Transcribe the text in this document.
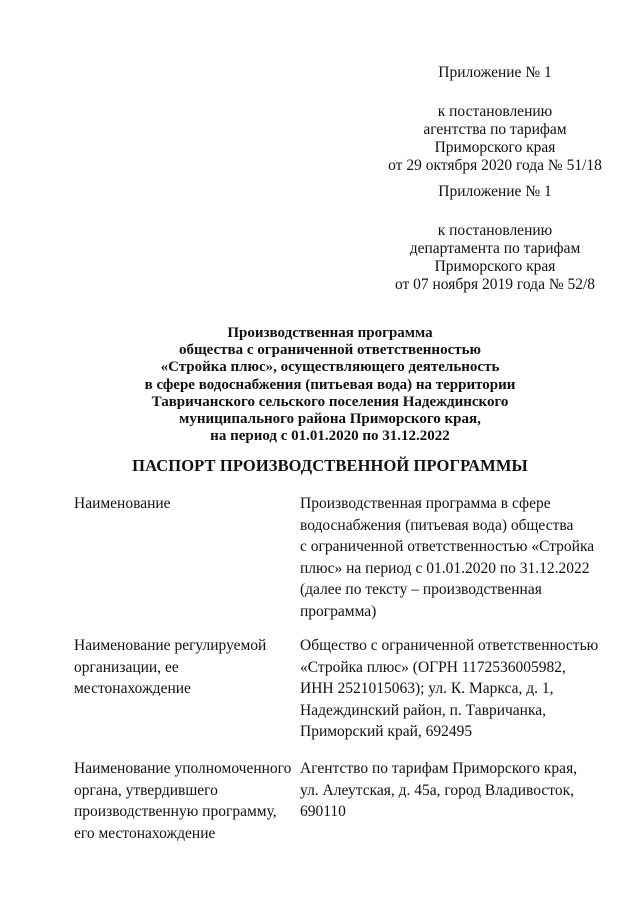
Приложение № 1
к постановлению
агентства по тарифам
Приморского края
от 29 октября 2020 года № 51/18
Приложение № 1
к постановлению
департамента по тарифам
Приморского края
от 07 ноября 2019 года № 52/8
Производственная программа
общества с ограниченной ответственностью
«Стройка плюс», осуществляющего деятельность
в сфере водоснабжения (питьевая вода) на территории
Тавричанского сельского поселения Надеждинского
муниципального района Приморского края,
на период с 01.01.2020 по 31.12.2022
ПАСПОРТ ПРОИЗВОДСТВЕННОЙ ПРОГРАММЫ
Наименование	Производственная программа в сфере
водоснабжения (питьевая вода) общества
с ограниченной ответственностью «Стройка
плюс» на период с 01.01.2020 по 31.12.2022
(далее по тексту – производственная
программа)
Наименование регулируемой
организации, ее
местонахождение
Общество с ограниченной ответственностью
«Стройка плюс» (ОГРН 1172536005982,
ИНН 2521015063); ул. К. Маркса, д. 1,
Надеждинский район, п. Тавричанка,
Приморский край, 692495
Наименование уполномоченного
органа, утвердившего
производственную программу,
его местонахождение
Агентство по тарифам Приморского края,
ул. Алеутская, д. 45а, город Владивосток,
690110
